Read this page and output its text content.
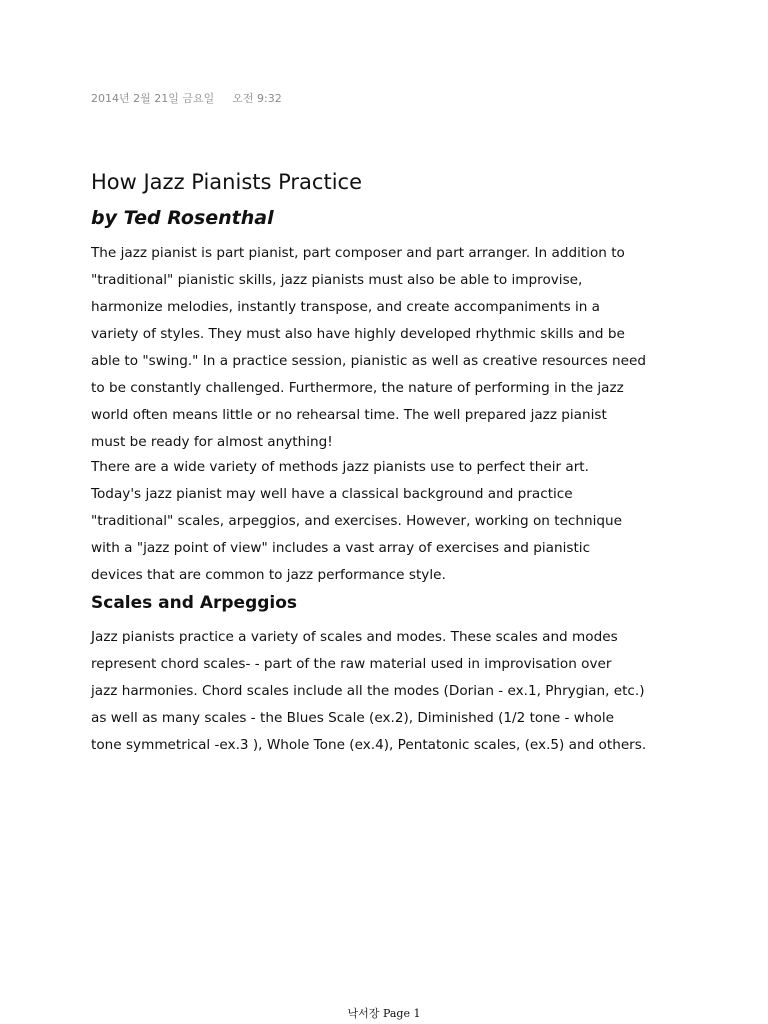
2014년 2월 21일 금요일 오전 9:32
How Jazz Pianists Practice
by Ted Rosenthal

The jazz pianist is part pianist, part composer and part arranger. In addition to
"traditional" pianistic skills, jazz pianists must also be able to improvise,
harmonize melodies, instantly transpose, and create accompaniments in a
variety of styles. They must also have highly developed rhythmic skills and be
able to "swing." In a practice session, pianistic as well as creative resources need
to be constantly challenged. Furthermore, the nature of performing in the jazz
world often means little or no rehearsal time. The well prepared jazz pianist
must be ready for almost anything!

There are a wide variety of methods jazz pianists use to perfect their art.
Today's jazz pianist may well have a classical background and practice
"traditional" scales, arpeggios, and exercises. However, working on technique
with a "jazz point of view" includes a vast array of exercises and pianistic
devices that are common to jazz performance style.

Scales and Arpeggios

Jazz pianists practice a variety of scales and modes. These scales and modes
represent chord scales- - part of the raw material used in improvisation over
jazz harmonies. Chord scales include all the modes (Dorian - ex.1, Phrygian, etc.)
as well as many scales - the Blues Scale (ex.2), Diminished (1/2 tone - whole
tone symmetrical -ex.3 ), Whole Tone (ex.4), Pentatonic scales, (ex.5) and others.

낙서장 Page 1
